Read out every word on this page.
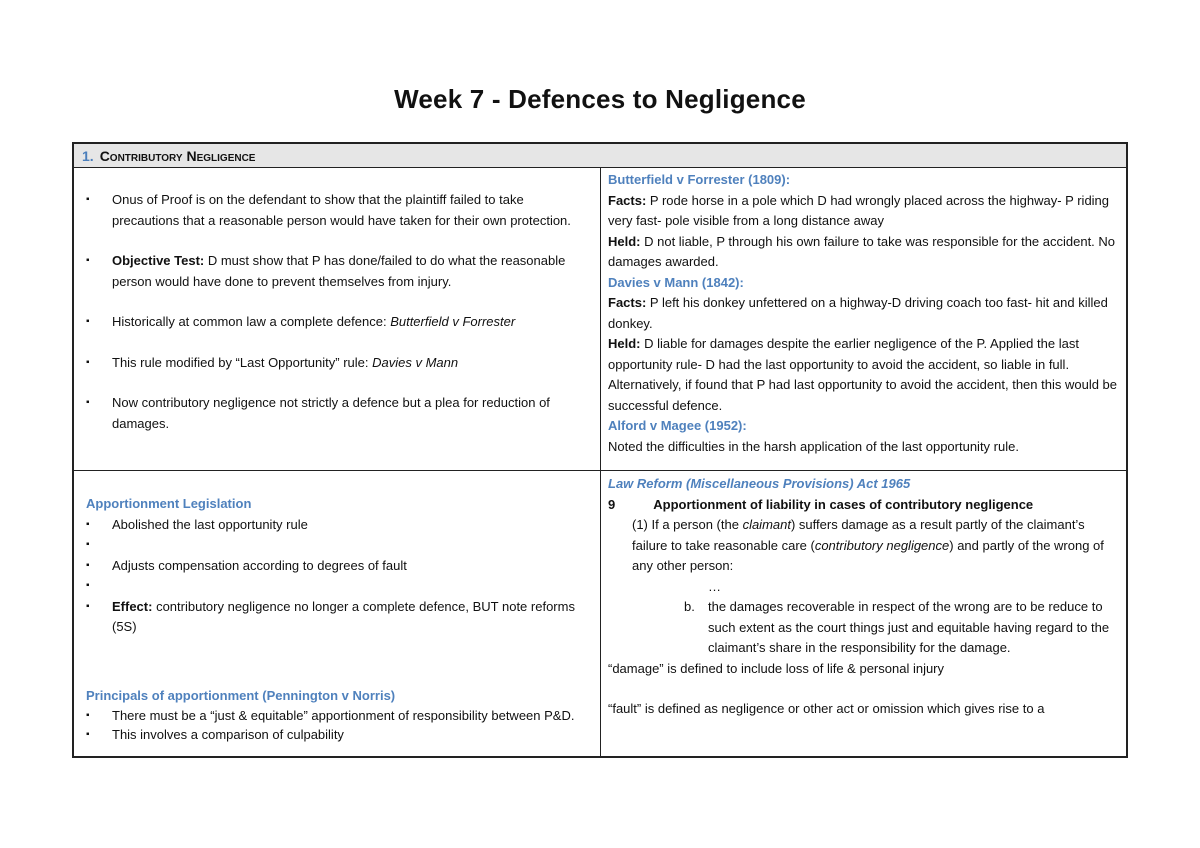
Week 7 - Defences to Negligence
1. Contributory Negligence
▪ Onus of Proof is on the defendant to show that the plaintiff failed to take precautions that a reasonable person would have taken for their own protection.
▪ Objective Test: D must show that P has done/failed to do what the reasonable person would have done to prevent themselves from injury.
▪ Historically at common law a complete defence: Butterfield v Forrester
▪ This rule modified by “Last Opportunity” rule: Davies v Mann
▪ Now contributory negligence not strictly a defence but a plea for reduction of damages.
Butterfield v Forrester (1809):
Facts: P rode horse in a pole which D had wrongly placed across the highway- P riding very fast- pole visible from a long distance away
Held: D not liable, P through his own failure to take was responsible for the accident. No damages awarded.
Davies v Mann (1842):
Facts: P left his donkey unfettered on a highway-D driving coach too fast- hit and killed donkey.
Held: D liable for damages despite the earlier negligence of the P. Applied the last opportunity rule- D had the last opportunity to avoid the accident, so liable in full. Alternatively, if found that P had last opportunity to avoid the accident, then this would be successful defence.
Alford v Magee (1952):
Noted the difficulties in the harsh application of the last opportunity rule.
Apportionment Legislation
▪ Abolished the last opportunity rule
▪

▪ Adjusts compensation according to degrees of fault
▪

▪ Effect: contributory negligence no longer a complete defence, BUT note reforms (5S)
Principals of apportionment (Pennington v Norris)
▪ There must be a “just & equitable” apportionment of responsibility between P&D.
▪ This involves a comparison of culpability
Law Reform (Miscellaneous Provisions) Act 1965
9	Apportionment of liability in cases of contributory negligence
(1) If a person (the claimant) suffers damage as a result partly of the claimant’s failure to take reasonable care (contributory negligence) and partly of the wrong of any other person:
…
b. the damages recoverable in respect of the wrong are to be reduce to such extent as the court things just and equitable having regard to the claimant’s share in the responsibility for the damage.
“damage” is defined to include loss of life & personal injury
“fault” is defined as negligence or other act or omission which gives rise to a
